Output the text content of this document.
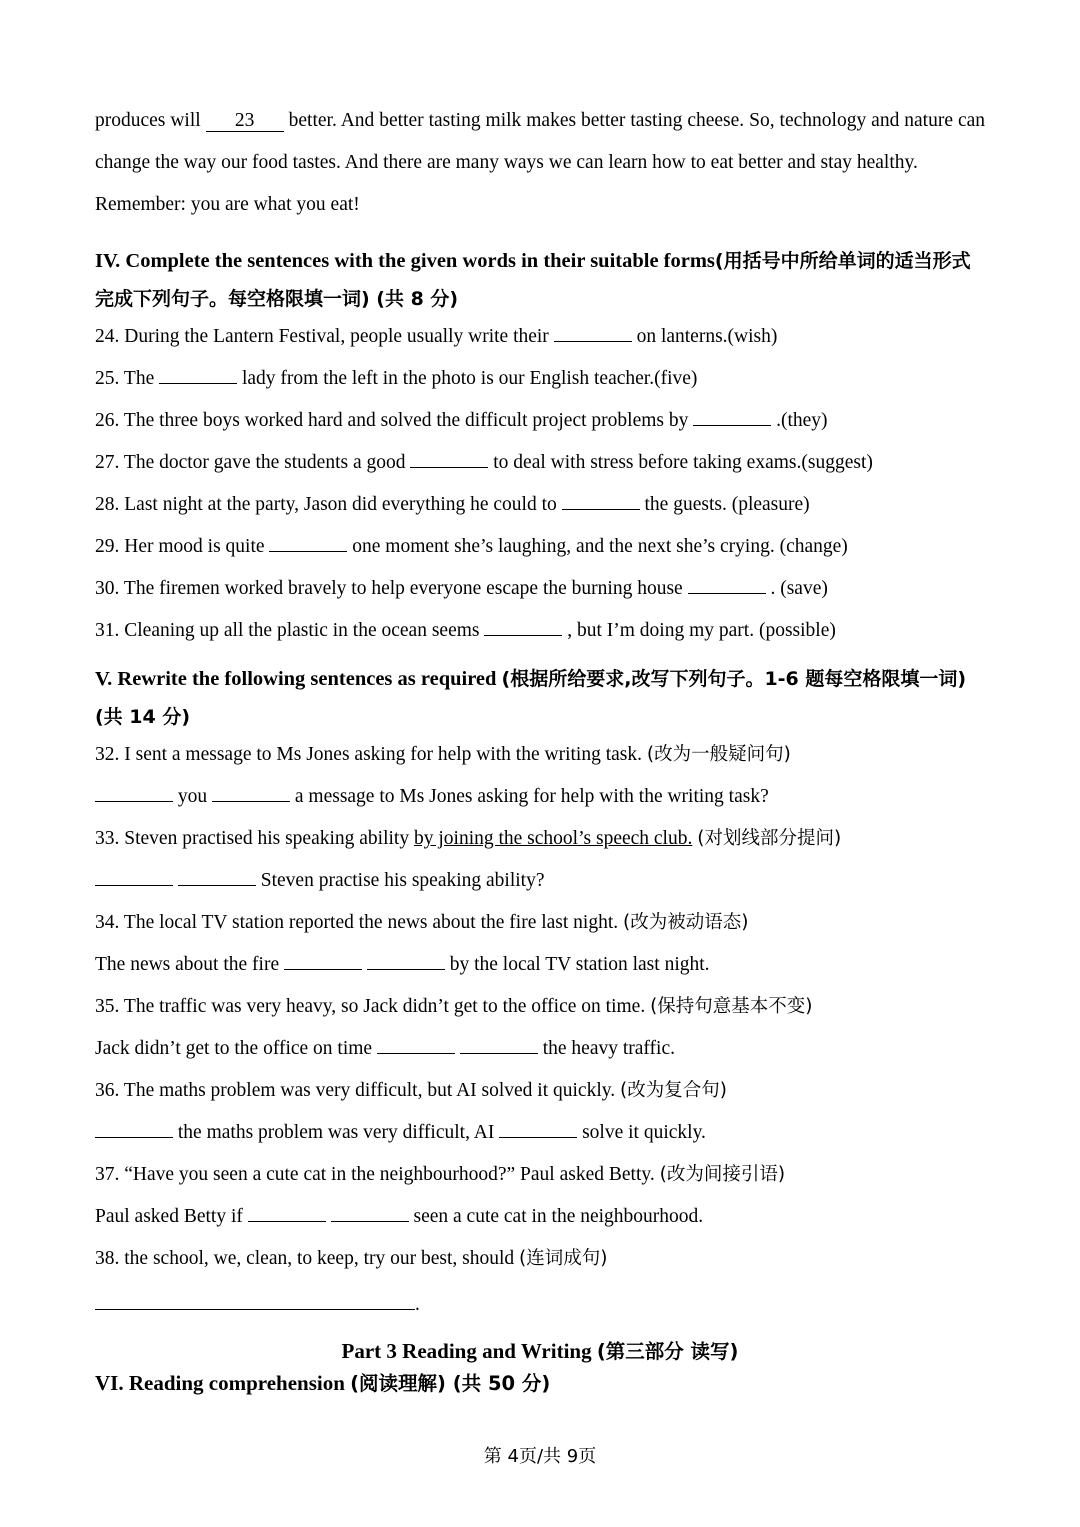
produces will 23 better. And better tasting milk makes better tasting cheese. So, technology and nature can change the way our food tastes. And there are many ways we can learn how to eat better and stay healthy.

Remember: you are what you eat!

IV. Complete the sentences with the given words in their suitable forms(用括号中所给单词的适当形式完成下列句子。每空格限填一词) (共 8 分)
24. During the Lantern Festival, people usually write their	on lanterns.(wish)
25. The	lady from the left in the photo is our English teacher.(five)
26. The three boys worked hard and solved the difficult project problems by	.(they)
27. The doctor gave the students a good	to deal with stress before taking exams.(suggest)
28. Last night at the party, Jason did everything he could to	the guests. (pleasure)
29. Her mood is quite	one moment she’s laughing, and the next she’s crying. (change)
30. The firemen worked bravely to help everyone escape the burning house	. (save)
31. Cleaning up all the plastic in the ocean seems	, but I’m doing my part. (possible)
V. Rewrite the following sentences as required (根据所给要求,改写下列句子。1-6 题每空格限填一词) (共 14 分)
32. I sent a message to Ms Jones asking for help with the writing task. (改为一般疑问句)
you	a message to Ms Jones asking for help with the writing task?
33. Steven practised his speaking ability by joining the school’s speech club. (对划线部分提问)
Steven practise his speaking ability?
34. The local TV station reported the news about the fire last night. (改为被动语态)
The news about the fire	by the local TV station last night.
35. The traffic was very heavy, so Jack didn’t get to the office on time. (保持句意基本不变)
Jack didn’t get to the office on time	the heavy traffic.
36. The maths problem was very difficult, but AI solved it quickly. (改为复合句)
the maths problem was very difficult, AI	solve it quickly.
37. “Have you seen a cute cat in the neighbourhood?” Paul asked Betty. (改为间接引语)
Paul asked Betty if	seen a cute cat in the neighbourhood.
38. the school, we, clean, to keep, try our best, should (连词成句)
.
Part 3 Reading and Writing (第三部分 读写)
VI. Reading comprehension (阅读理解) (共 50 分)
第 4页/共 9页
